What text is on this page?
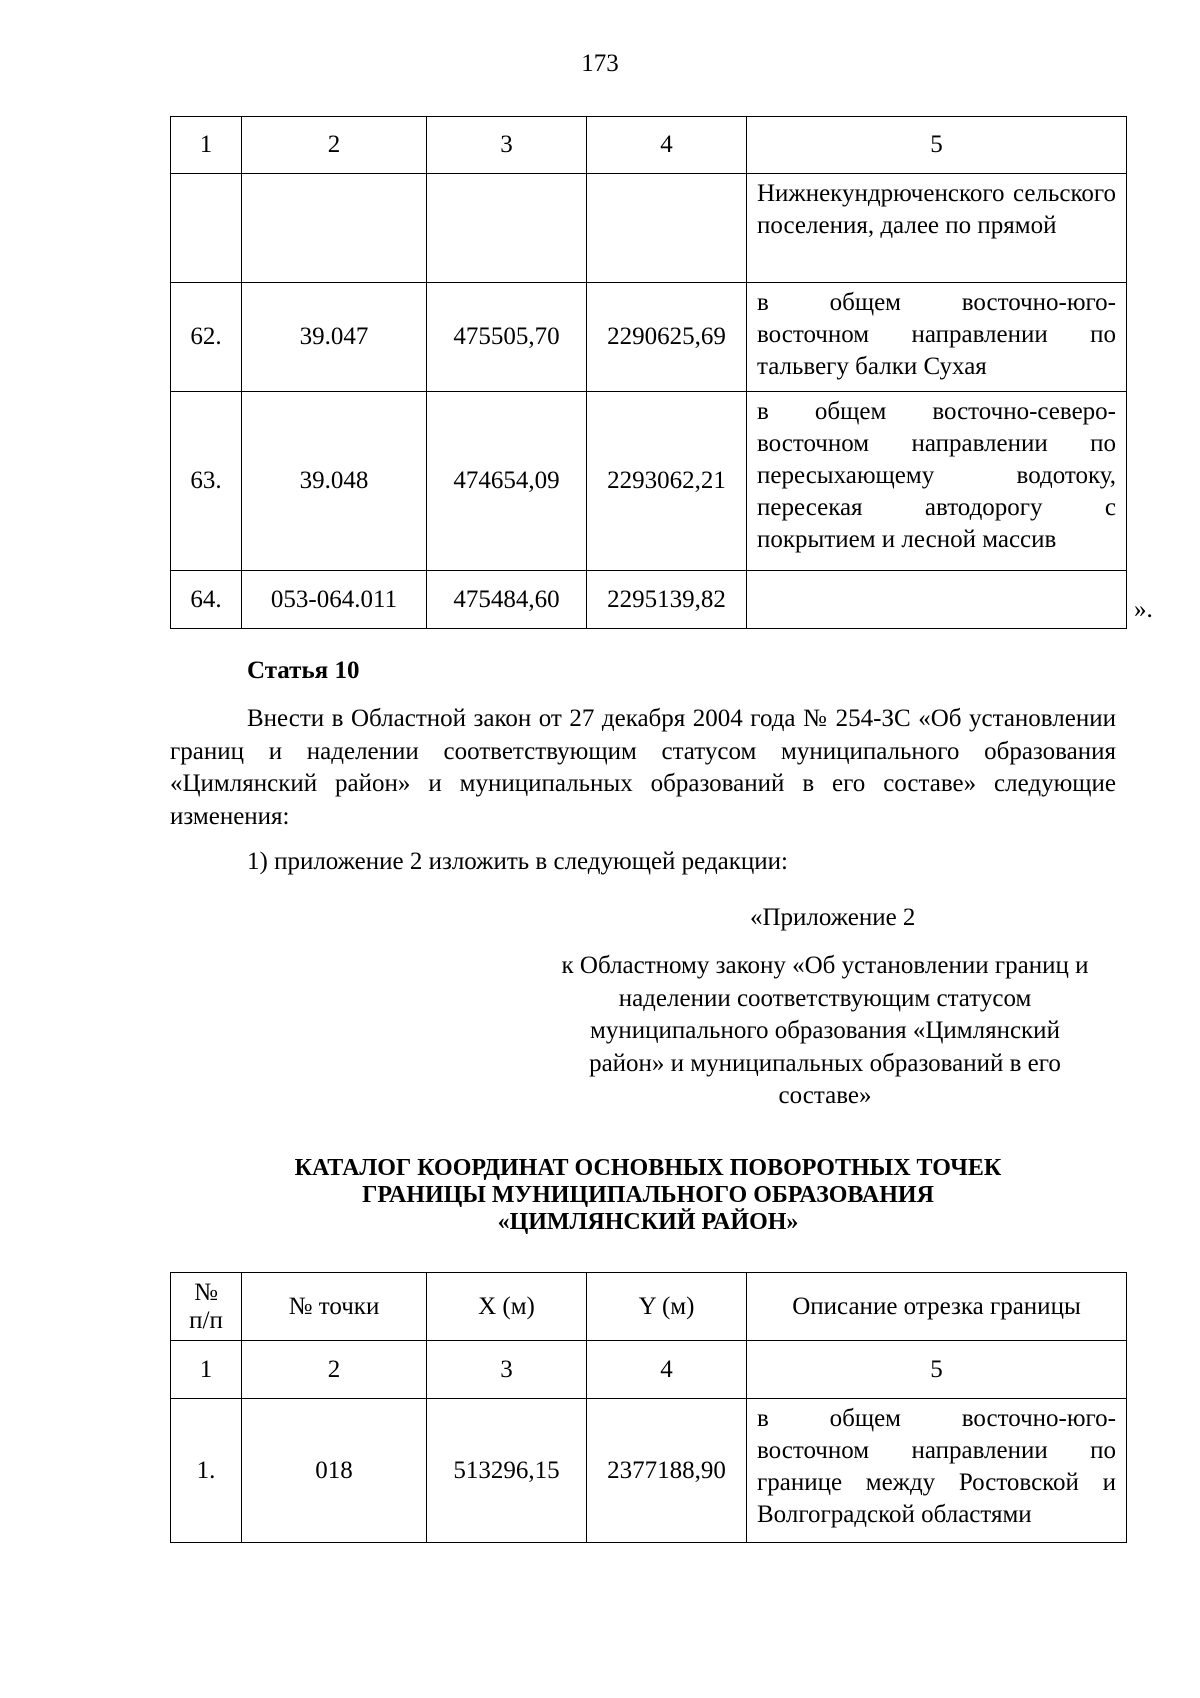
173
1	2	3	4	5
				Нижнекундрюченского сельского поселения, далее по прямой
62.	39.047	475505,70	2290625,69	в общем восточно-юго-восточном направлении по тальвегу балки Сухая
63.	39.048	474654,09	2293062,21	в общем восточно-северо-восточном направлении по пересыхающему водотоку, пересекая автодорогу с покрытием и лесной массив
64.	053-064.011	475484,60	2295139,82		».
Статья 10
Внести в Областной закон от 27 декабря 2004 года № 254-ЗС «Об установлении границ и наделении соответствующим статусом муниципального образования «Цимлянский район» и муниципальных образований в его составе» следующие изменения:
1) приложение 2 изложить в следующей редакции:
«Приложение 2
к Областному закону «Об установлении границ и наделении соответствующим статусом муниципального образования «Цимлянский район» и муниципальных образований в его составе»
КАТАЛОГ КООРДИНАТ ОСНОВНЫХ ПОВОРОТНЫХ ТОЧЕК
ГРАНИЦЫ МУНИЦИПАЛЬНОГО ОБРАЗОВАНИЯ
«ЦИМЛЯНСКИЙ РАЙОН»
№
п/п	№ точки	X (м)	Y (м)	Описание отрезка границы
1	2	3	4	5
1.	018	513296,15	2377188,90	в общем восточно-юго-восточном направлении по границе между Ростовской и Волгоградской областями
